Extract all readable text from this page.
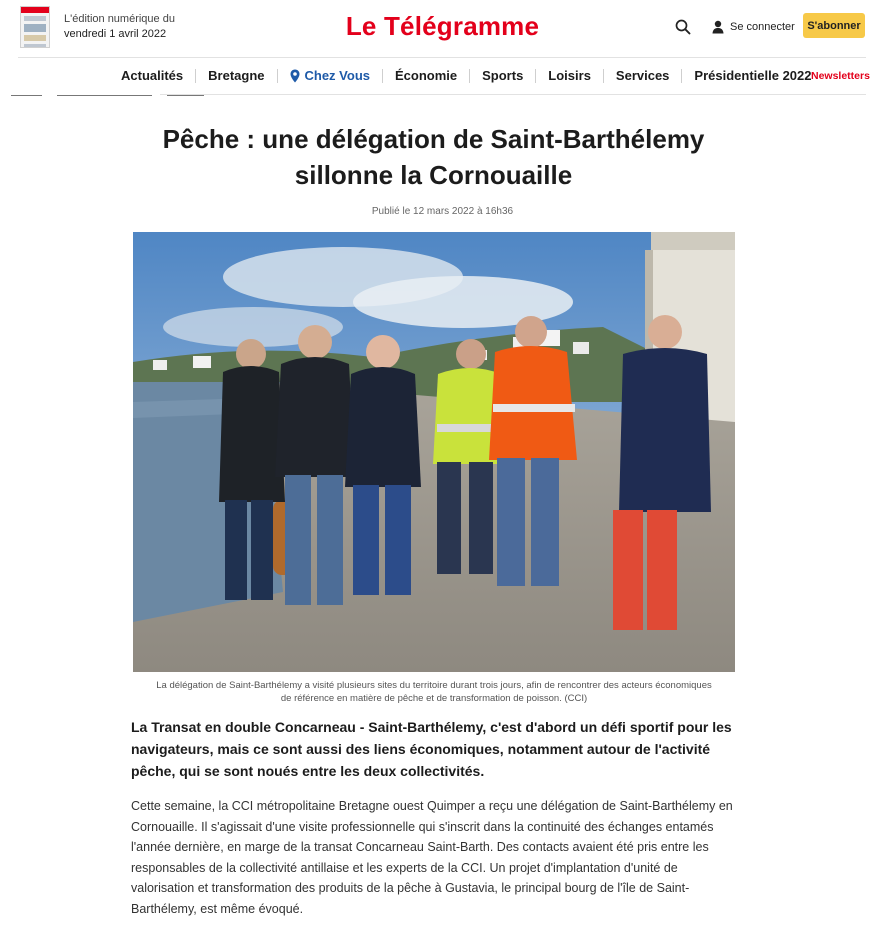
L'édition numérique du
vendredi 1 avril 2022	Le Télégramme	Se connecter	S'abonner
Actualités	Bretagne	Chez Vous	Économie	Sports	Loisirs	Services	Présidentielle 2022 Newsletters
Pêche : une délégation de Saint-Barthélemy sillonne la Cornouaille
Publié le 12 mars 2022 à 16h36
La délégation de Saint-Barthélemy a visité plusieurs sites du territoire durant trois jours, afin de rencontrer des acteurs économiques de référence en matière de pêche et de transformation de poisson. (CCI)

La Transat en double Concarneau - Saint-Barthélemy, c'est d'abord un défi sportif pour les navigateurs, mais ce sont aussi des liens économiques, notamment autour de l'activité pêche, qui se sont noués entre les deux collectivités.

Cette semaine, la CCI métropolitaine Bretagne ouest Quimper a reçu une délégation de Saint-Barthélemy en Cornouaille. Il s'agissait d'une visite professionnelle qui s'inscrit dans la continuité des échanges entamés l'année dernière, en marge de la transat Concarneau Saint-Barth. Des contacts avaient été pris entre les responsables de la collectivité antillaise et les experts de la CCI. Un projet d'implantation d'unité de valorisation et transformation des produits de la pêche à Gustavia, le principal bourg de l'île de Saint-Barthélemy, est même évoqué.
